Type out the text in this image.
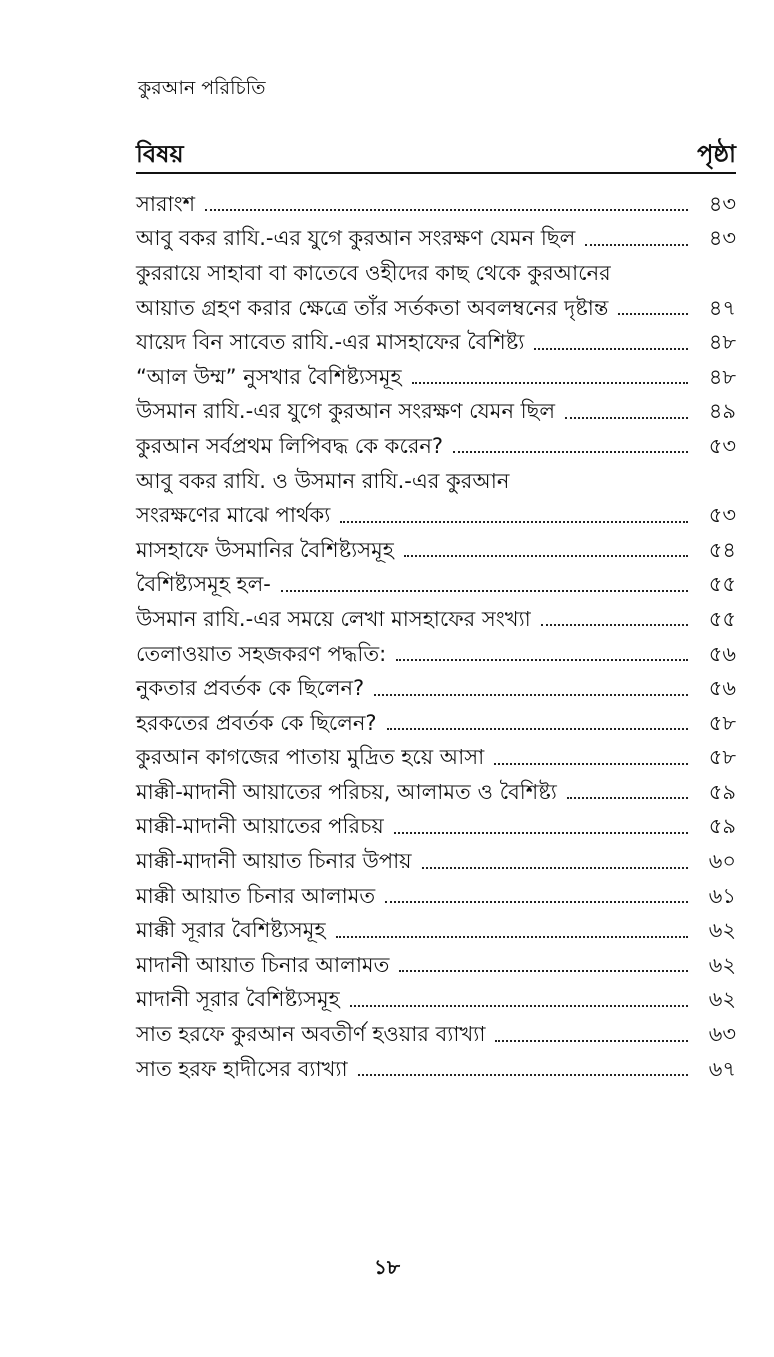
কুরআন পরিচিতি
বিষয়	পৃষ্ঠা
সারাংশ	৪৩
আবু বকর রাযি.-এর যুগে কুরআন সংরক্ষণ যেমন ছিল	৪৩
কুররায়ে সাহাবা বা কাতেবে ওহীদের কাছ থেকে কুরআনের
আয়াত গ্রহণ করার ক্ষেত্রে তাঁর সর্তকতা অবলম্বনের দৃষ্টান্ত	৪৭
যায়েদ বিন সাবেত রাযি.-এর মাসহাফের বৈশিষ্ট্য	৪৮
“আল উম্ম” নুসখার বৈশিষ্ট্যসমূহ	৪৮
উসমান রাযি.-এর যুগে কুরআন সংরক্ষণ যেমন ছিল	৪৯
কুরআন সর্বপ্রথম লিপিবদ্ধ কে করেন?	৫৩
আবু বকর রাযি. ও উসমান রাযি.-এর কুরআন
সংরক্ষণের মাঝে পার্থক্য	৫৩
মাসহাফে উসমানির বৈশিষ্ট্যসমূহ	৫৪
বৈশিষ্ট্যসমূহ হল-	৫৫
উসমান রাযি.-এর সময়ে লেখা মাসহাফের সংখ্যা	৫৫
তেলাওয়াত সহজকরণ পদ্ধতি:	৫৬
নুকতার প্রবর্তক কে ছিলেন?	৫৬
হরকতের প্রবর্তক কে ছিলেন?	৫৮
কুরআন কাগজের পাতায় মুদ্রিত হয়ে আসা	৫৮
মাক্কী-মাদানী আয়াতের পরিচয়, আলামত ও বৈশিষ্ট্য	৫৯
মাক্কী-মাদানী আয়াতের পরিচয়	৫৯
মাক্কী-মাদানী আয়াত চিনার উপায়	৬০
মাক্কী আয়াত চিনার আলামত	৬১
মাক্কী সূরার বৈশিষ্ট্যসমূহ	৬২
মাদানী আয়াত চিনার আলামত	৬২
মাদানী সূরার বৈশিষ্ট্যসমূহ	৬২
সাত হরফে কুরআন অবতীর্ণ হওয়ার ব্যাখ্যা	৬৩
সাত হরফ হাদীসের ব্যাখ্যা	৬৭
১৮
